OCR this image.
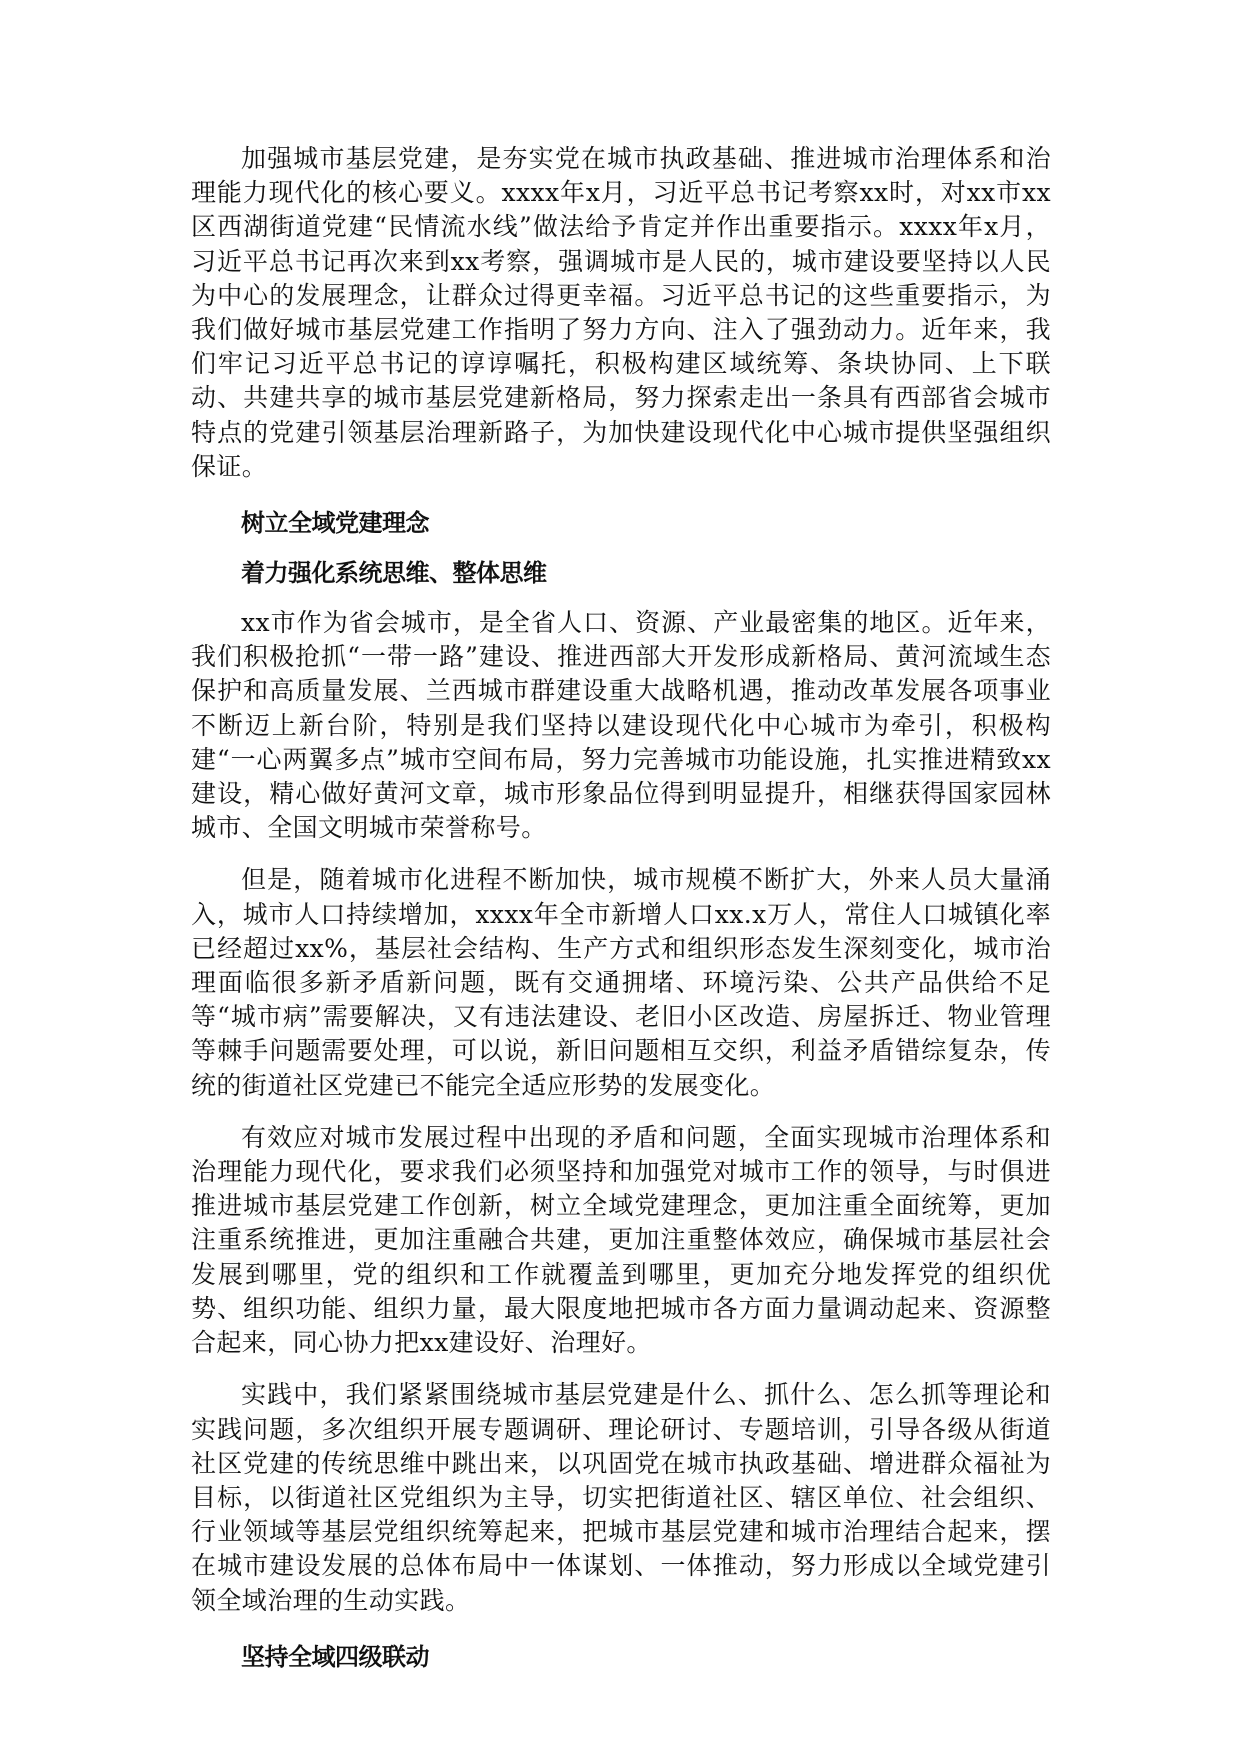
加强城市基层党建，是夯实党在城市执政基础、推进城市治理体系和治理能力现代化的核心要义。xxxx年x月，习近平总书记考察xx时，对xx市xx区西湖街道党建“民情流水线”做法给予肯定并作出重要指示。xxxx年x月，习近平总书记再次来到xx考察，强调城市是人民的，城市建设要坚持以人民为中心的发展理念，让群众过得更幸福。习近平总书记的这些重要指示，为我们做好城市基层党建工作指明了努力方向、注入了强劲动力。近年来，我们牢记习近平总书记的谆谆嘱托，积极构建区域统筹、条块协同、上下联动、共建共享的城市基层党建新格局，努力探索走出一条具有西部省会城市特点的党建引领基层治理新路子，为加快建设现代化中心城市提供坚强组织保证。

树立全域党建理念
着力强化系统思维、整体思维

xx市作为省会城市，是全省人口、资源、产业最密集的地区。近年来，我们积极抢抓“一带一路”建设、推进西部大开发形成新格局、黄河流域生态保护和高质量发展、兰西城市群建设重大战略机遇，推动改革发展各项事业不断迈上新台阶，特别是我们坚持以建设现代化中心城市为牵引，积极构建“一心两翼多点”城市空间布局，努力完善城市功能设施，扎实推进精致xx建设，精心做好黄河文章，城市形象品位得到明显提升，相继获得国家园林城市、全国文明城市荣誉称号。

但是，随着城市化进程不断加快，城市规模不断扩大，外来人员大量涌入，城市人口持续增加，xxxx年全市新增人口xx.x万人，常住人口城镇化率已经超过xx%，基层社会结构、生产方式和组织形态发生深刻变化，城市治理面临很多新矛盾新问题，既有交通拥堵、环境污染、公共产品供给不足等“城市病”需要解决，又有违法建设、老旧小区改造、房屋拆迁、物业管理等棘手问题需要处理，可以说，新旧问题相互交织，利益矛盾错综复杂，传统的街道社区党建已不能完全适应形势的发展变化。

有效应对城市发展过程中出现的矛盾和问题，全面实现城市治理体系和治理能力现代化，要求我们必须坚持和加强党对城市工作的领导，与时俱进推进城市基层党建工作创新，树立全域党建理念，更加注重全面统筹，更加注重系统推进，更加注重融合共建，更加注重整体效应，确保城市基层社会发展到哪里，党的组织和工作就覆盖到哪里，更加充分地发挥党的组织优势、组织功能、组织力量，最大限度地把城市各方面力量调动起来、资源整合起来，同心协力把xx建设好、治理好。

实践中，我们紧紧围绕城市基层党建是什么、抓什么、怎么抓等理论和实践问题，多次组织开展专题调研、理论研讨、专题培训，引导各级从街道社区党建的传统思维中跳出来，以巩固党在城市执政基础、增进群众福祉为目标，以街道社区党组织为主导，切实把街道社区、辖区单位、社会组织、行业领域等基层党组织统筹起来，把城市基层党建和城市治理结合起来，摆在城市建设发展的总体布局中一体谋划、一体推动，努力形成以全域党建引领全域治理的生动实践。

坚持全域四级联动
